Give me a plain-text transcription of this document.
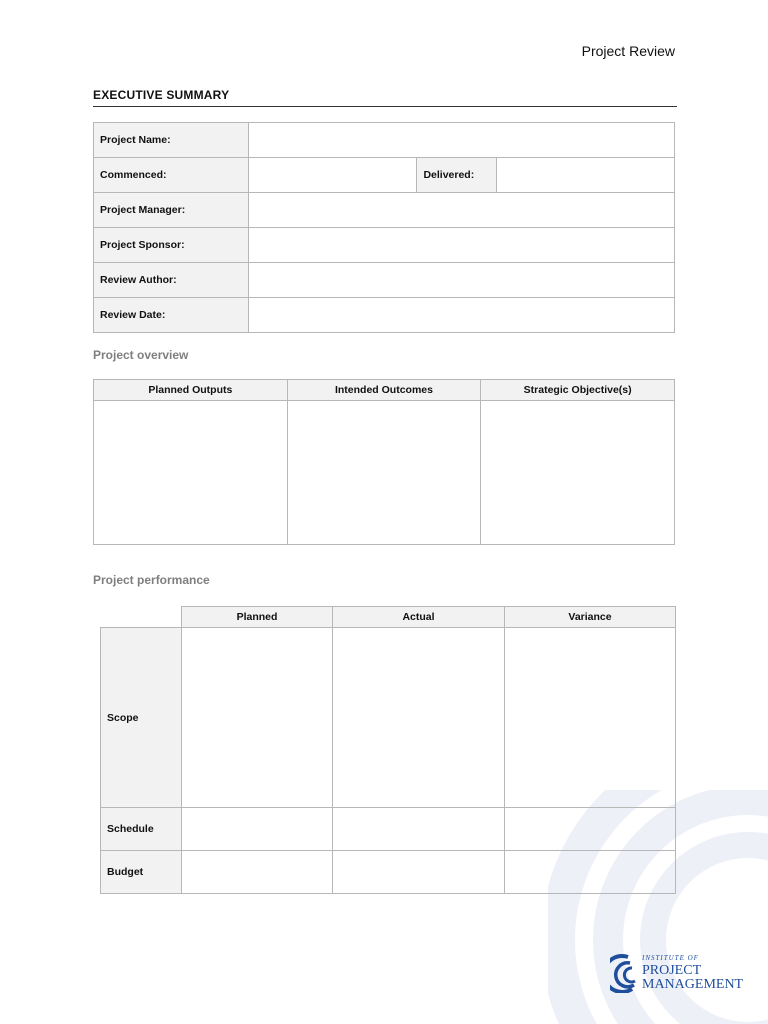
Project Review
EXECUTIVE SUMMARY
Project Name:			
Commenced:		Delivered:	
Project Manager:			
Project Sponsor:			
Review Author:			
Review Date:			
Project overview
Planned Outputs	Intended Outcomes	Strategic Objective(s)

Project performance
	Planned	Actual	Variance
Scope			
Schedule			
Budget			
INSTITUTE OF
PROJECT
MANAGEMENT
